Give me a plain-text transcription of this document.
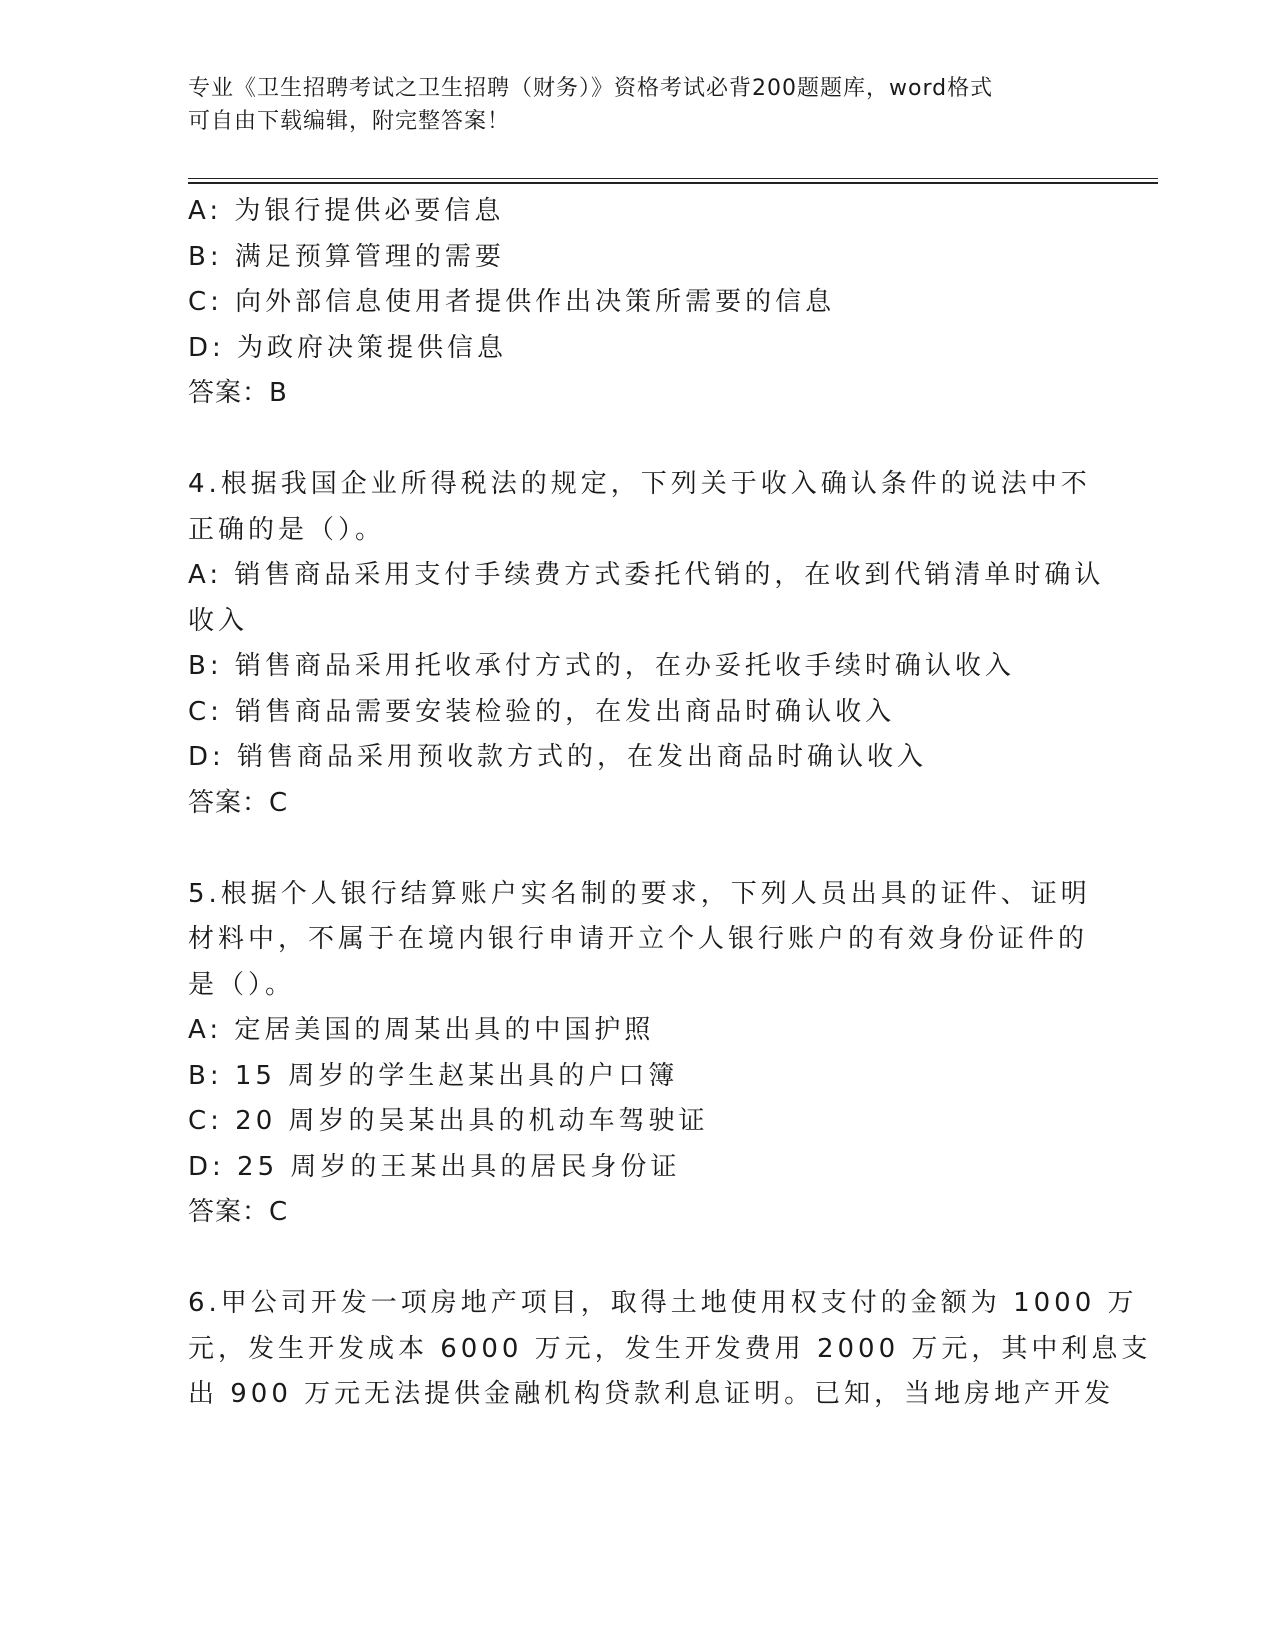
专业《卫生招聘考试之卫生招聘（财务）》资格考试必背200题题库，word格式
可自由下载编辑，附完整答案！
A: 为银行提供必要信息
B: 满足预算管理的需要
C: 向外部信息使用者提供作出决策所需要的信息
D: 为政府决策提供信息
答案：B
4.根据我国企业所得税法的规定，下列关于收入确认条件的说法中不
正确的是（）。
A: 销售商品采用支付手续费方式委托代销的，在收到代销清单时确认
收入
B: 销售商品采用托收承付方式的，在办妥托收手续时确认收入
C: 销售商品需要安装检验的，在发出商品时确认收入
D: 销售商品采用预收款方式的，在发出商品时确认收入
答案：C
5.根据个人银行结算账户实名制的要求，下列人员出具的证件、证明
材料中，不属于在境内银行申请开立个人银行账户的有效身份证件的
是（）。
A: 定居美国的周某出具的中国护照
B: 15 周岁的学生赵某出具的户口簿
C: 20 周岁的吴某出具的机动车驾驶证
D: 25 周岁的王某出具的居民身份证
答案：C
6.甲公司开发一项房地产项目，取得土地使用权支付的金额为 1000 万
元，发生开发成本 6000 万元，发生开发费用 2000 万元，其中利息支
出 900 万元无法提供金融机构贷款利息证明。已知，当地房地产开发
